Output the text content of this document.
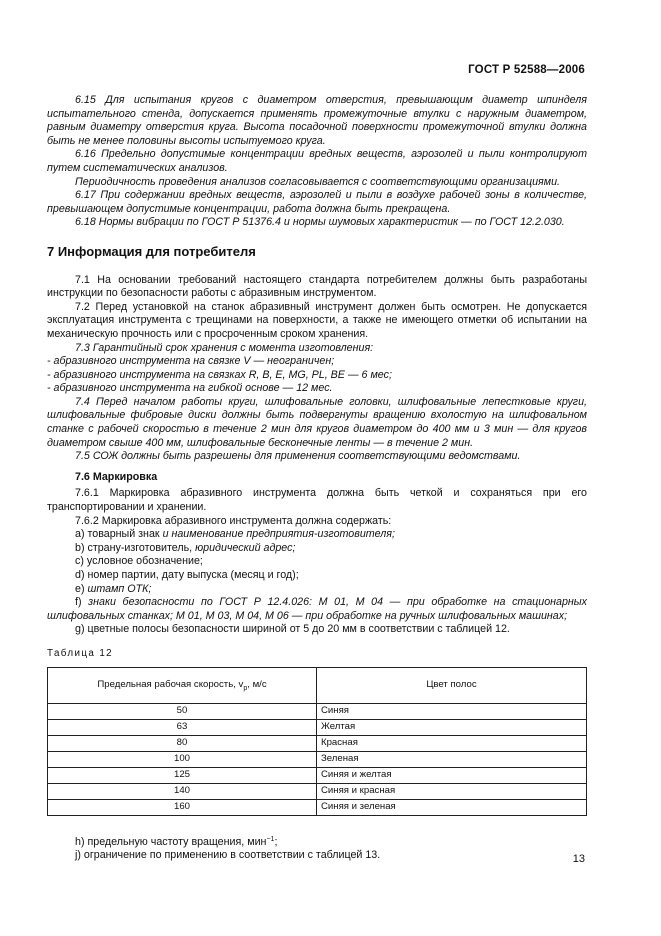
ГОСТ Р 52588—2006

6.15 Для испытания кругов с диаметром отверстия, превышающим диаметр шпинделя испытательного стенда, допускается применять промежуточные втулки с наружным диаметром, равным диаметру отверстия круга. Высота посадочной поверхности промежуточной втулки должна быть не менее половины высоты испытуемого круга.

6.16 Предельно допустимые концентрации вредных веществ, аэрозолей и пыли контролируют путем систематических анализов.

Периодичность проведения анализов согласовывается с соответствующими организациями.

6.17 При содержании вредных веществ, аэрозолей и пыли в воздухе рабочей зоны в количестве, превышающем допустимые концентрации, работа должна быть прекращена.

6.18 Нормы вибрации по ГОСТ Р 51376.4 и нормы шумовых характеристик — по ГОСТ 12.2.030.

7 Информация для потребителя

7.1 На основании требований настоящего стандарта потребителем должны быть разработаны инструкции по безопасности работы с абразивным инструментом.

7.2 Перед установкой на станок абразивный инструмент должен быть осмотрен. Не допускается эксплуатация инструмента с трещинами на поверхности, а также не имеющего отметки об испытании на механическую прочность или с просроченным сроком хранения.

7.3 Гарантийный срок хранения с момента изготовления:

- абразивного инструмента на связке V — неограничен;

- абразивного инструмента на связках R, B, E, MG, PL, BE — 6 мес;

- абразивного инструмента на гибкой основе — 12 мес.

7.4 Перед началом работы круги, шлифовальные головки, шлифовальные лепестковые круги, шлифовальные фибровые диски должны быть подвергнуты вращению вхолостую на шлифовальном станке с рабочей скоростью в течение 2 мин для кругов диаметром до 400 мм и 3 мин — для кругов диаметром свыше 400 мм, шлифовальные бесконечные ленты — в течение 2 мин.

7.5 СОЖ должны быть разрешены для применения соответствующими ведомствами.

7.6 Маркировка

7.6.1 Маркировка абразивного инструмента должна быть четкой и сохраняться при его транспортировании и хранении.

7.6.2 Маркировка абразивного инструмента должна содержать:

a) товарный знак и наименование предприятия-изготовителя;

b) страну-изготовитель, юридический адрес;

c) условное обозначение;

d) номер партии, дату выпуска (месяц и год);

e) штамп ОТК;

f) знаки безопасности по ГОСТ Р 12.4.026: М 01, М 04 — при обработке на стационарных шлифовальных станках; М 01, М 03, М 04, М 06 — при обработке на ручных шлифовальных машинах;

g) цветные полосы безопасности шириной от 5 до 20 мм в соответствии с таблицей 12.

Таблица 12
Предельная рабочая скорость, $v_р$, м/с	Цвет полос
50	Синяя
63	Желтая
80	Красная
100	Зеленая
125	Синяя и желтая
140	Синяя и красная
160	Синяя и зеленая

h) предельную частоту вращения, мин$^{-1}$;

j) ограничение по применению в соответствии с таблицей 13.	13
